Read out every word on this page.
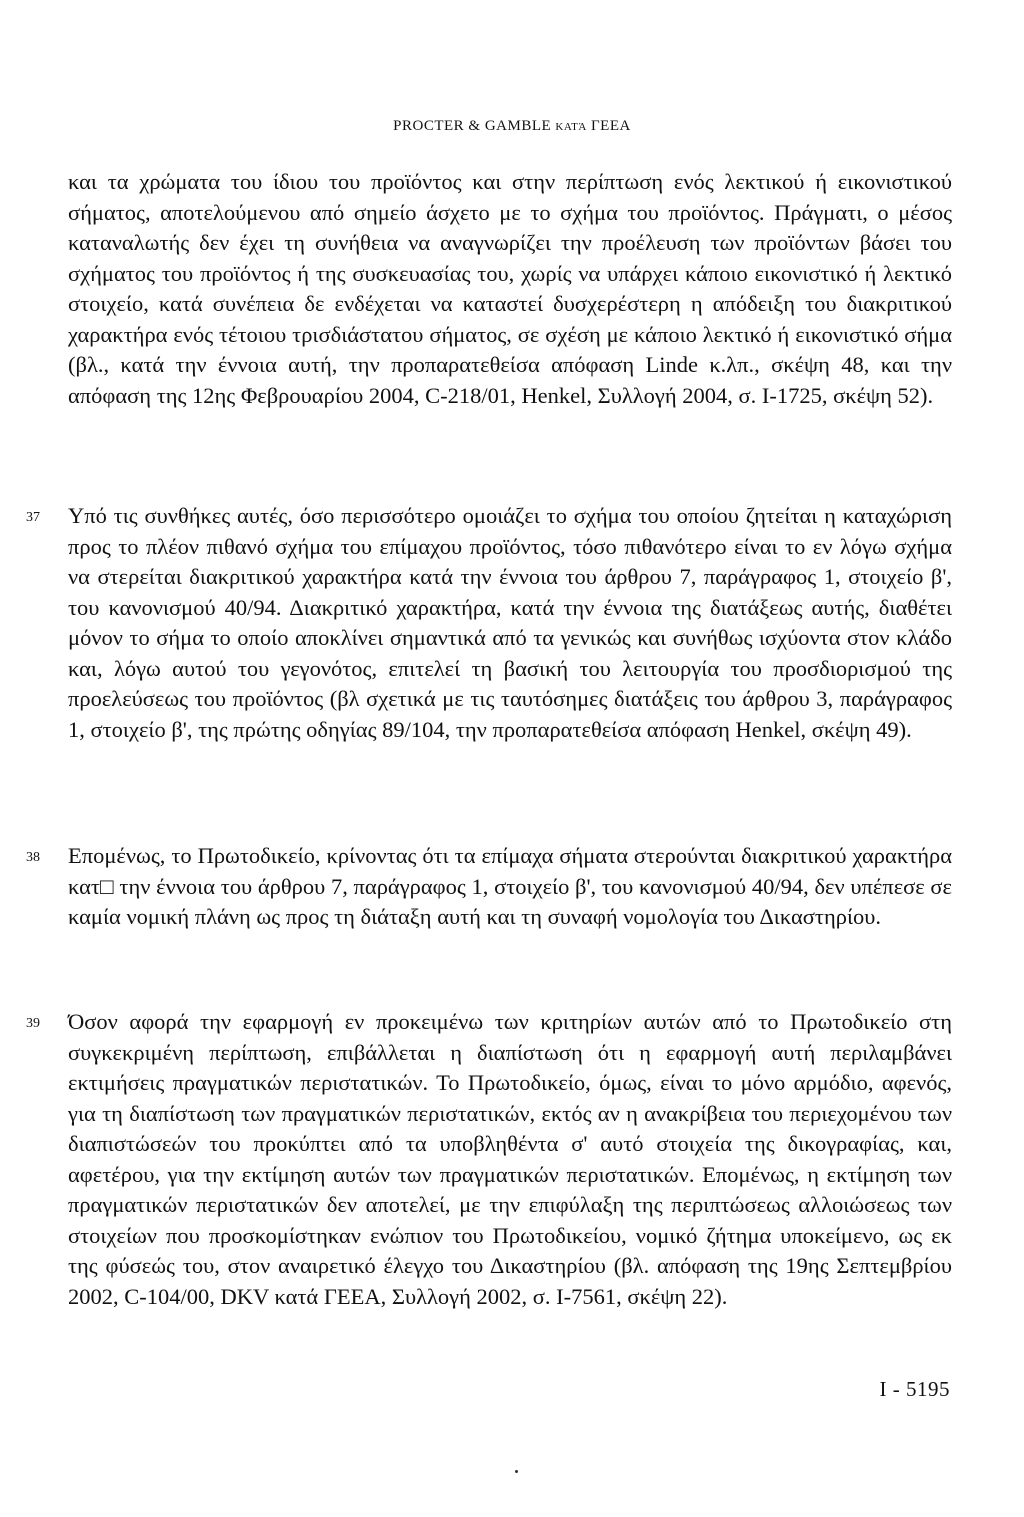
PROCTER & GAMBLE κατά ΓΕΕΑ
και τα χρώματα του ίδιου του προϊόντος και στην περίπτωση ενός λεκτικού ή εικονιστικού σήματος, αποτελούμενου από σημείο άσχετο με το σχήμα του προϊόντος. Πράγματι, ο μέσος καταναλωτής δεν έχει τη συνήθεια να αναγνωρίζει την προέλευση των προϊόντων βάσει του σχήματος του προϊόντος ή της συσκευασίας του, χωρίς να υπάρχει κάποιο εικονιστικό ή λεκτικό στοιχείο, κατά συνέπεια δε ενδέχεται να καταστεί δυσχερέστερη η απόδειξη του διακριτικού χαρακτήρα ενός τέτοιου τρισδιάστατου σήματος, σε σχέση με κάποιο λεκτικό ή εικονιστικό σήμα (βλ., κατά την έννοια αυτή, την προπαρατεθείσα απόφαση Linde κ.λπ., σκέψη 48, και την απόφαση της 12ης Φεβρουαρίου 2004, C-218/01, Henkel, Συλλογή 2004, σ. I-1725, σκέψη 52).
37 Υπό τις συνθήκες αυτές, όσο περισσότερο ομοιάζει το σχήμα του οποίου ζητείται η καταχώριση προς το πλέον πιθανό σχήμα του επίμαχου προϊόντος, τόσο πιθανότερο είναι το εν λόγω σχήμα να στερείται διακριτικού χαρακτήρα κατά την έννοια του άρθρου 7, παράγραφος 1, στοιχείο β', του κανονισμού 40/94. Διακριτικό χαρακτήρα, κατά την έννοια της διατάξεως αυτής, διαθέτει μόνον το σήμα το οποίο αποκλίνει σημαντικά από τα γενικώς και συνήθως ισχύοντα στον κλάδο και, λόγω αυτού του γεγονότος, επιτελεί τη βασική του λειτουργία του προσδιορισμού της προελεύσεως του προϊόντος (βλ σχετικά με τις ταυτόσημες διατάξεις του άρθρου 3, παράγραφος 1, στοιχείο β', της πρώτης οδηγίας 89/104, την προπαρατεθείσα απόφαση Henkel, σκέψη 49).
38 Επομένως, το Πρωτοδικείο, κρίνοντας ότι τα επίμαχα σήματα στερούνται διακριτικού χαρακτήρα κατ□ την έννοια του άρθρου 7, παράγραφος 1, στοιχείο β', του κανονισμού 40/94, δεν υπέπεσε σε καμία νομική πλάνη ως προς τη διάταξη αυτή και τη συναφή νομολογία του Δικαστηρίου.
39 Όσον αφορά την εφαρμογή εν προκειμένω των κριτηρίων αυτών από το Πρωτοδικείο στη συγκεκριμένη περίπτωση, επιβάλλεται η διαπίστωση ότι η εφαρμογή αυτή περιλαμβάνει εκτιμήσεις πραγματικών περιστατικών. Το Πρωτοδικείο, όμως, είναι το μόνο αρμόδιο, αφενός, για τη διαπίστωση των πραγματικών περιστατικών, εκτός αν η ανακρίβεια του περιεχομένου των διαπιστώσεών του προκύπτει από τα υποβληθέντα σ' αυτό στοιχεία της δικογραφίας, και, αφετέρου, για την εκτίμηση αυτών των πραγματικών περιστατικών. Επομένως, η εκτίμηση των πραγματικών περιστατικών δεν αποτελεί, με την επιφύλαξη της περιπτώσεως αλλοιώσεως των στοιχείων που προσκομίστηκαν ενώπιον του Πρωτοδικείου, νομικό ζήτημα υποκείμενο, ως εκ της φύσεώς του, στον αναιρετικό έλεγχο του Δικαστηρίου (βλ. απόφαση της 19ης Σεπτεμβρίου 2002, C-104/00, DKV κατά ΓΕΕΑ, Συλλογή 2002, σ. I-7561, σκέψη 22).
I - 5195
